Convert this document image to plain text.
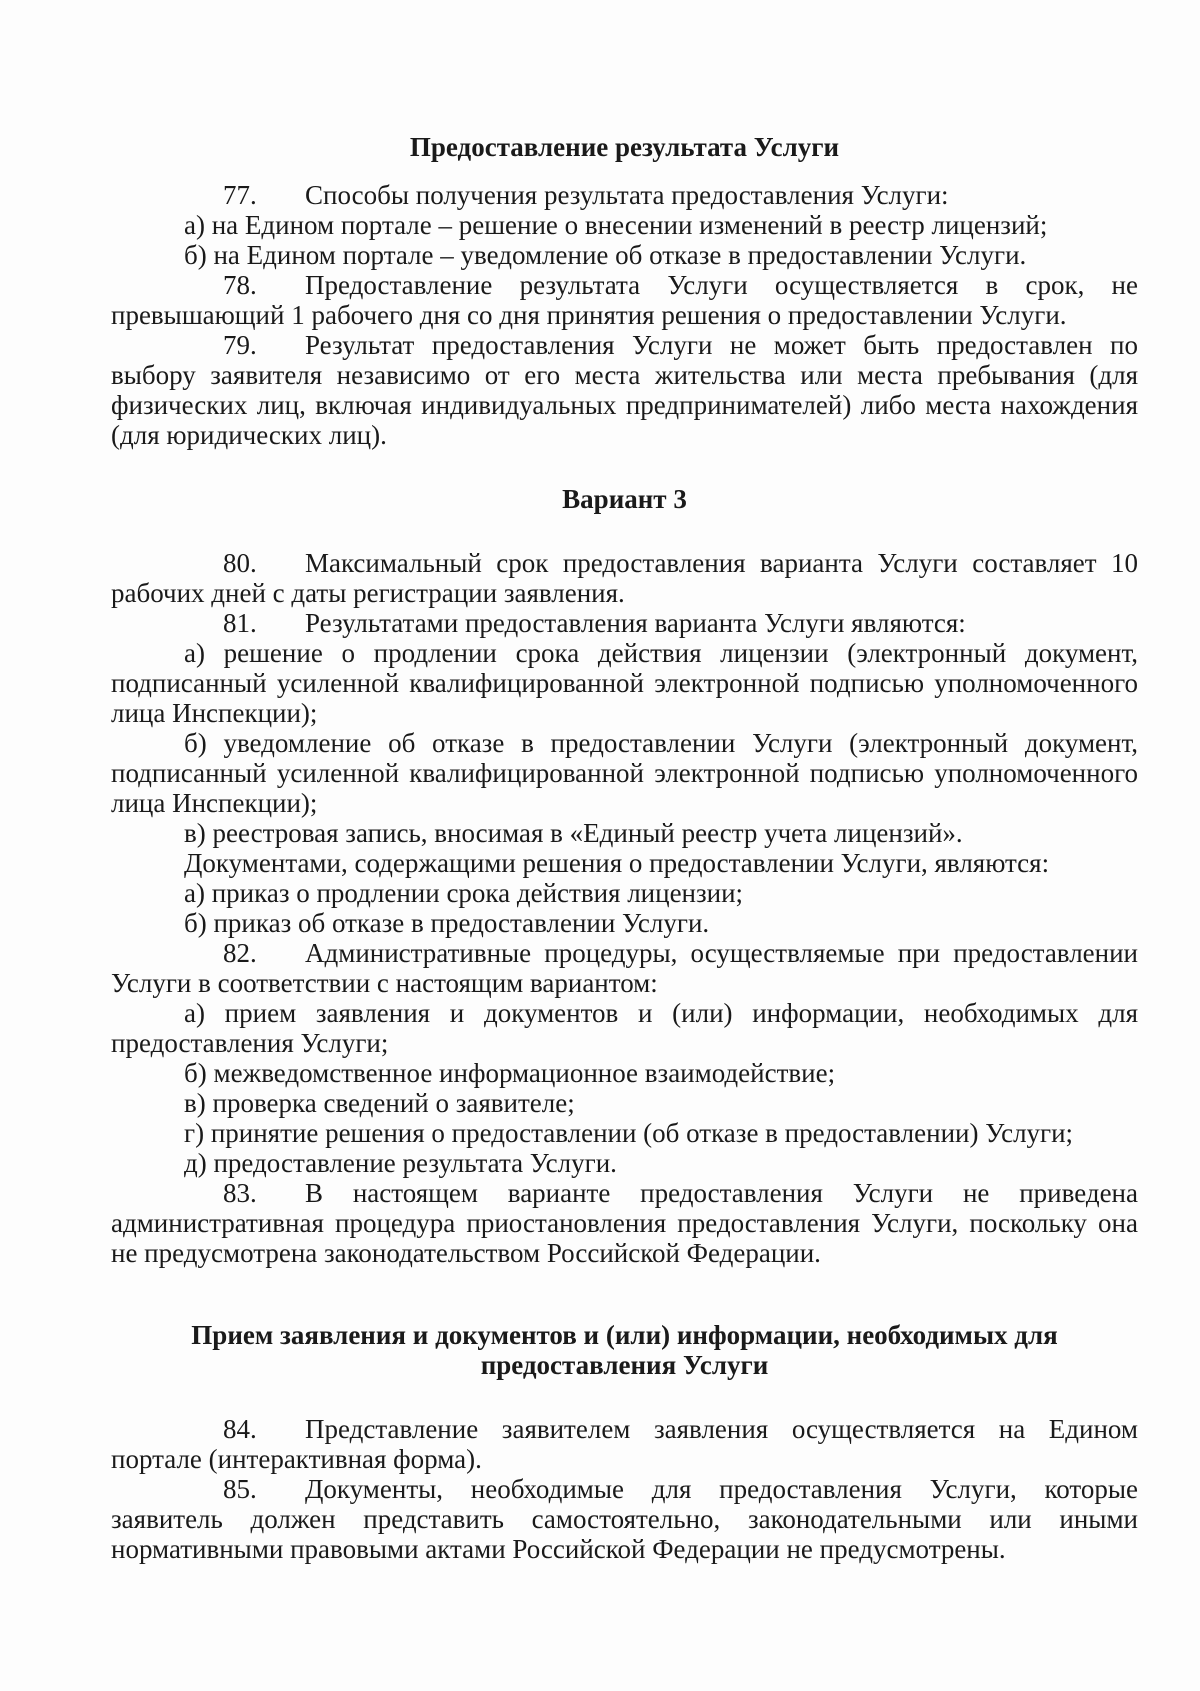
Предоставление результата Услуги

77. Способы получения результата предоставления Услуги:

а) на Едином портале – решение о внесении изменений в реестр лицензий;

б) на Едином портале – уведомление об отказе в предоставлении Услуги.

78. Предоставление результата Услуги осуществляется в срок, не превышающий 1 рабочего дня со дня принятия решения о предоставлении Услуги.

79. Результат предоставления Услуги не может быть предоставлен по выбору заявителя независимо от его места жительства или места пребывания (для физических лиц, включая индивидуальных предпринимателей) либо места нахождения (для юридических лиц).

Вариант 3

80. Максимальный срок предоставления варианта Услуги составляет 10 рабочих дней с даты регистрации заявления.

81. Результатами предоставления варианта Услуги являются:

а) решение о продлении срока действия лицензии (электронный документ, подписанный усиленной квалифицированной электронной подписью уполномоченного лица Инспекции);

б) уведомление об отказе в предоставлении Услуги (электронный документ, подписанный усиленной квалифицированной электронной подписью уполномоченного лица Инспекции);

в) реестровая запись, вносимая в «Единый реестр учета лицензий».

Документами, содержащими решения о предоставлении Услуги, являются:

а) приказ о продлении срока действия лицензии;

б) приказ об отказе в предоставлении Услуги.

82. Административные процедуры, осуществляемые при предоставлении Услуги в соответствии с настоящим вариантом:

а) прием заявления и документов и (или) информации, необходимых для предоставления Услуги;

б) межведомственное информационное взаимодействие;

в) проверка сведений о заявителе;

г) принятие решения о предоставлении (об отказе в предоставлении) Услуги;

д) предоставление результата Услуги.

83. В настоящем варианте предоставления Услуги не приведена административная процедура приостановления предоставления Услуги, поскольку она не предусмотрена законодательством Российской Федерации.

Прием заявления и документов и (или) информации, необходимых для

предоставления Услуги

84. Представление заявителем заявления осуществляется на Едином портале (интерактивная форма).

85. Документы, необходимые для предоставления Услуги, которые заявитель должен представить самостоятельно, законодательными или иными нормативными правовыми актами Российской Федерации не предусмотрены.
